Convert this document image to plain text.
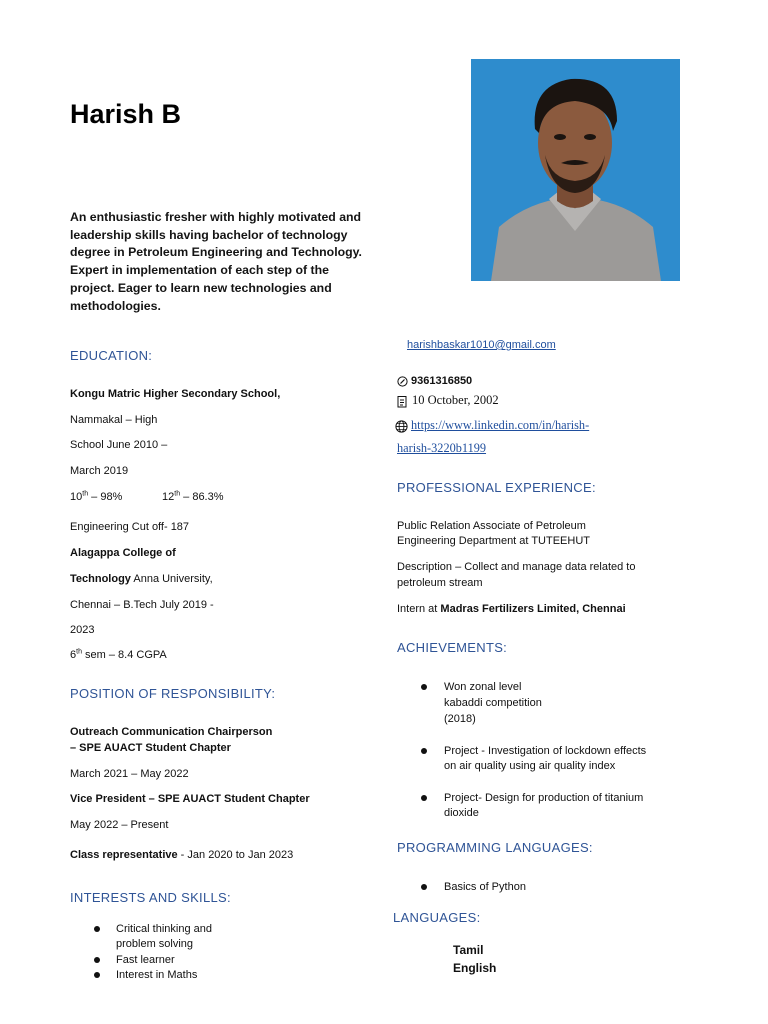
Harish B
An enthusiastic fresher with highly motivated and leadership skills having bachelor of technology degree in Petroleum Engineering and Technology. Expert in implementation of each step of the project. Eager to learn new technologies and methodologies.
EDUCATION:
Kongu Matric Higher Secondary School,
Nammakal – High
School June 2010 –
March 2019
10th – 98%	12th – 86.3%
Engineering Cut off- 187
Alagappa College of
Technology Anna University,
Chennai – B.Tech July 2019 -
2023
6th sem – 8.4 CGPA
POSITION OF RESPONSIBILITY:
Outreach Communication Chairperson
– SPE AUACT Student Chapter
March 2021 – May 2022
Vice President – SPE AUACT Student Chapter
May 2022 – Present
Class representative - Jan 2020 to Jan 2023
INTERESTS AND SKILLS:
Critical thinking and
problem solving
Fast learner
Interest in Maths
harishbaskar1010@gmail.com
9361316850
10 October, 2002
https://www.linkedin.com/in/harish-
harish-3220b1199
PROFESSIONAL EXPERIENCE:
Public Relation Associate of Petroleum
Engineering Department at TUTEEHUT
Description – Collect and manage data related to
petroleum stream
Intern at Madras Fertilizers Limited, Chennai
ACHIEVEMENTS:
Won zonal level
kabaddi competition
(2018)
Project - Investigation of lockdown effects
on air quality using air quality index
Project- Design for production of titanium
dioxide
PROGRAMMING LANGUAGES:
Basics of Python
LANGUAGES:
Tamil
English
